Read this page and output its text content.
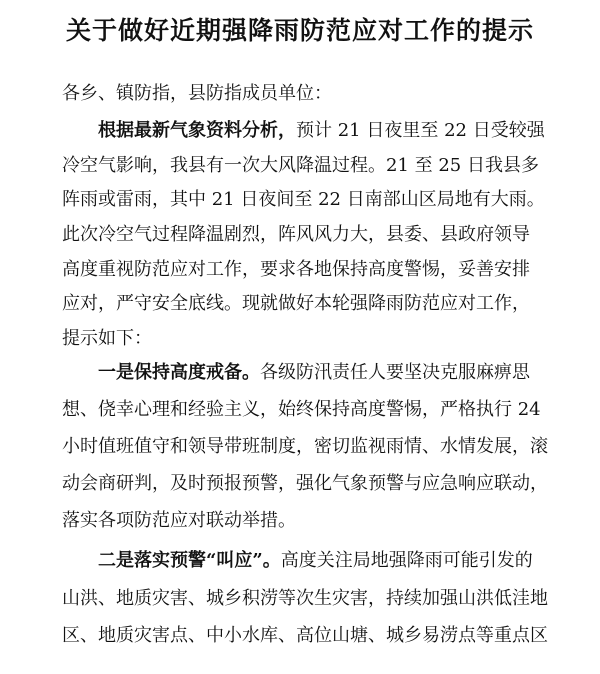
关于做好近期强降雨防范应对工作的提示
各乡、镇防指，县防指成员单位：
根据最新气象资料分析，预计 21 日夜里至 22 日受较强
冷空气影响，我县有一次大风降温过程。21 至 25 日我县多
阵雨或雷雨，其中 21 日夜间至 22 日南部山区局地有大雨。
此次冷空气过程降温剧烈，阵风风力大，县委、县政府领导
高度重视防范应对工作，要求各地保持高度警惕，妥善安排
应对，严守安全底线。现就做好本轮强降雨防范应对工作，
提示如下：
一是保持高度戒备。各级防汛责任人要坚决克服麻痹思
想、侥幸心理和经验主义，始终保持高度警惕，严格执行 24
小时值班值守和领导带班制度，密切监视雨情、水情发展，滚
动会商研判，及时预报预警，强化气象预警与应急响应联动，
落实各项防范应对联动举措。
二是落实预警“叫应”。高度关注局地强降雨可能引发的
山洪、地质灾害、城乡积涝等次生灾害，持续加强山洪低洼地
区、地质灾害点、中小水库、高位山塘、城乡易涝点等重点区
